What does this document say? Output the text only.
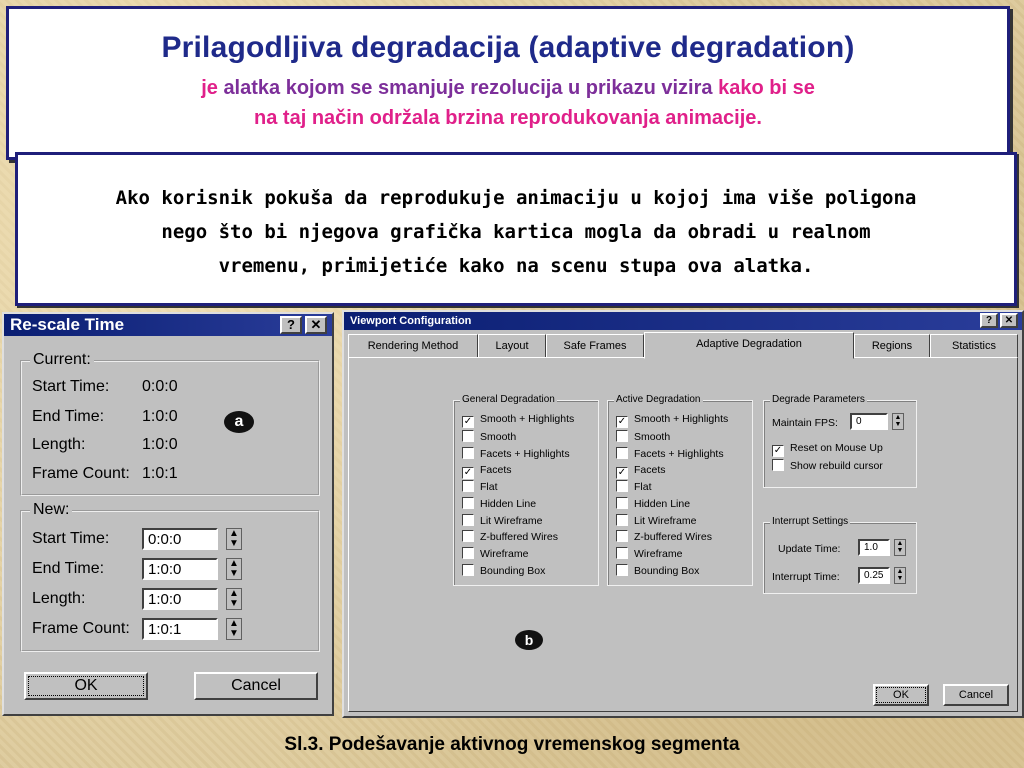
Prilagodljiva degradacija (adaptive degradation)
je alatka kojom se smanjuje rezolucija u prikazu vizira kako bi se
na taj način održala brzina reprodukovanja animacije.
Ako korisnik pokuša da reprodukuje animaciju u kojoj ima više poligona
nego što bi njegova grafička kartica mogla da obradi u realnom
vremenu, primijetiće kako na scenu stupa ova alatka.
Re-scale Time	?	✕
Current:
Start Time: 0:0:0
End Time: 1:0:0
Length:	1:0:0
Frame Count: 1:0:1
a
New:
Start Time:	0:0:0	▲
▼
End Time:	1:0:0	▲
▼
Length:	1:0:0	▲
▼
Frame Count:	1:0:1	▲
▼
OK	Cancel
Viewport Configuration	?	✕
Rendering Method	Layout	Safe Frames	Adaptive Degradation	Regions	Statistics
General Degradation
✓ Smooth + Highlights
Smooth
Facets + Highlights
✓ Facets
Flat
Hidden Line
Lit Wireframe
Z-buffered Wires
Wireframe
Bounding Box
Active Degradation
✓ Smooth + Highlights
Smooth
Facets + Highlights
✓ Facets
Flat
Hidden Line
Lit Wireframe
Z-buffered Wires
Wireframe
Bounding Box
Degrade Parameters
Maintain FPS:	0	▲
▼
✓ Reset on Mouse Up
Show rebuild cursor
Interrupt Settings
Update Time:	1.0	▲
▼
Interrupt Time:	0.25	▲
▼
b
OK	Cancel
Sl.3. Podešavanje aktivnog vremenskog segmenta
